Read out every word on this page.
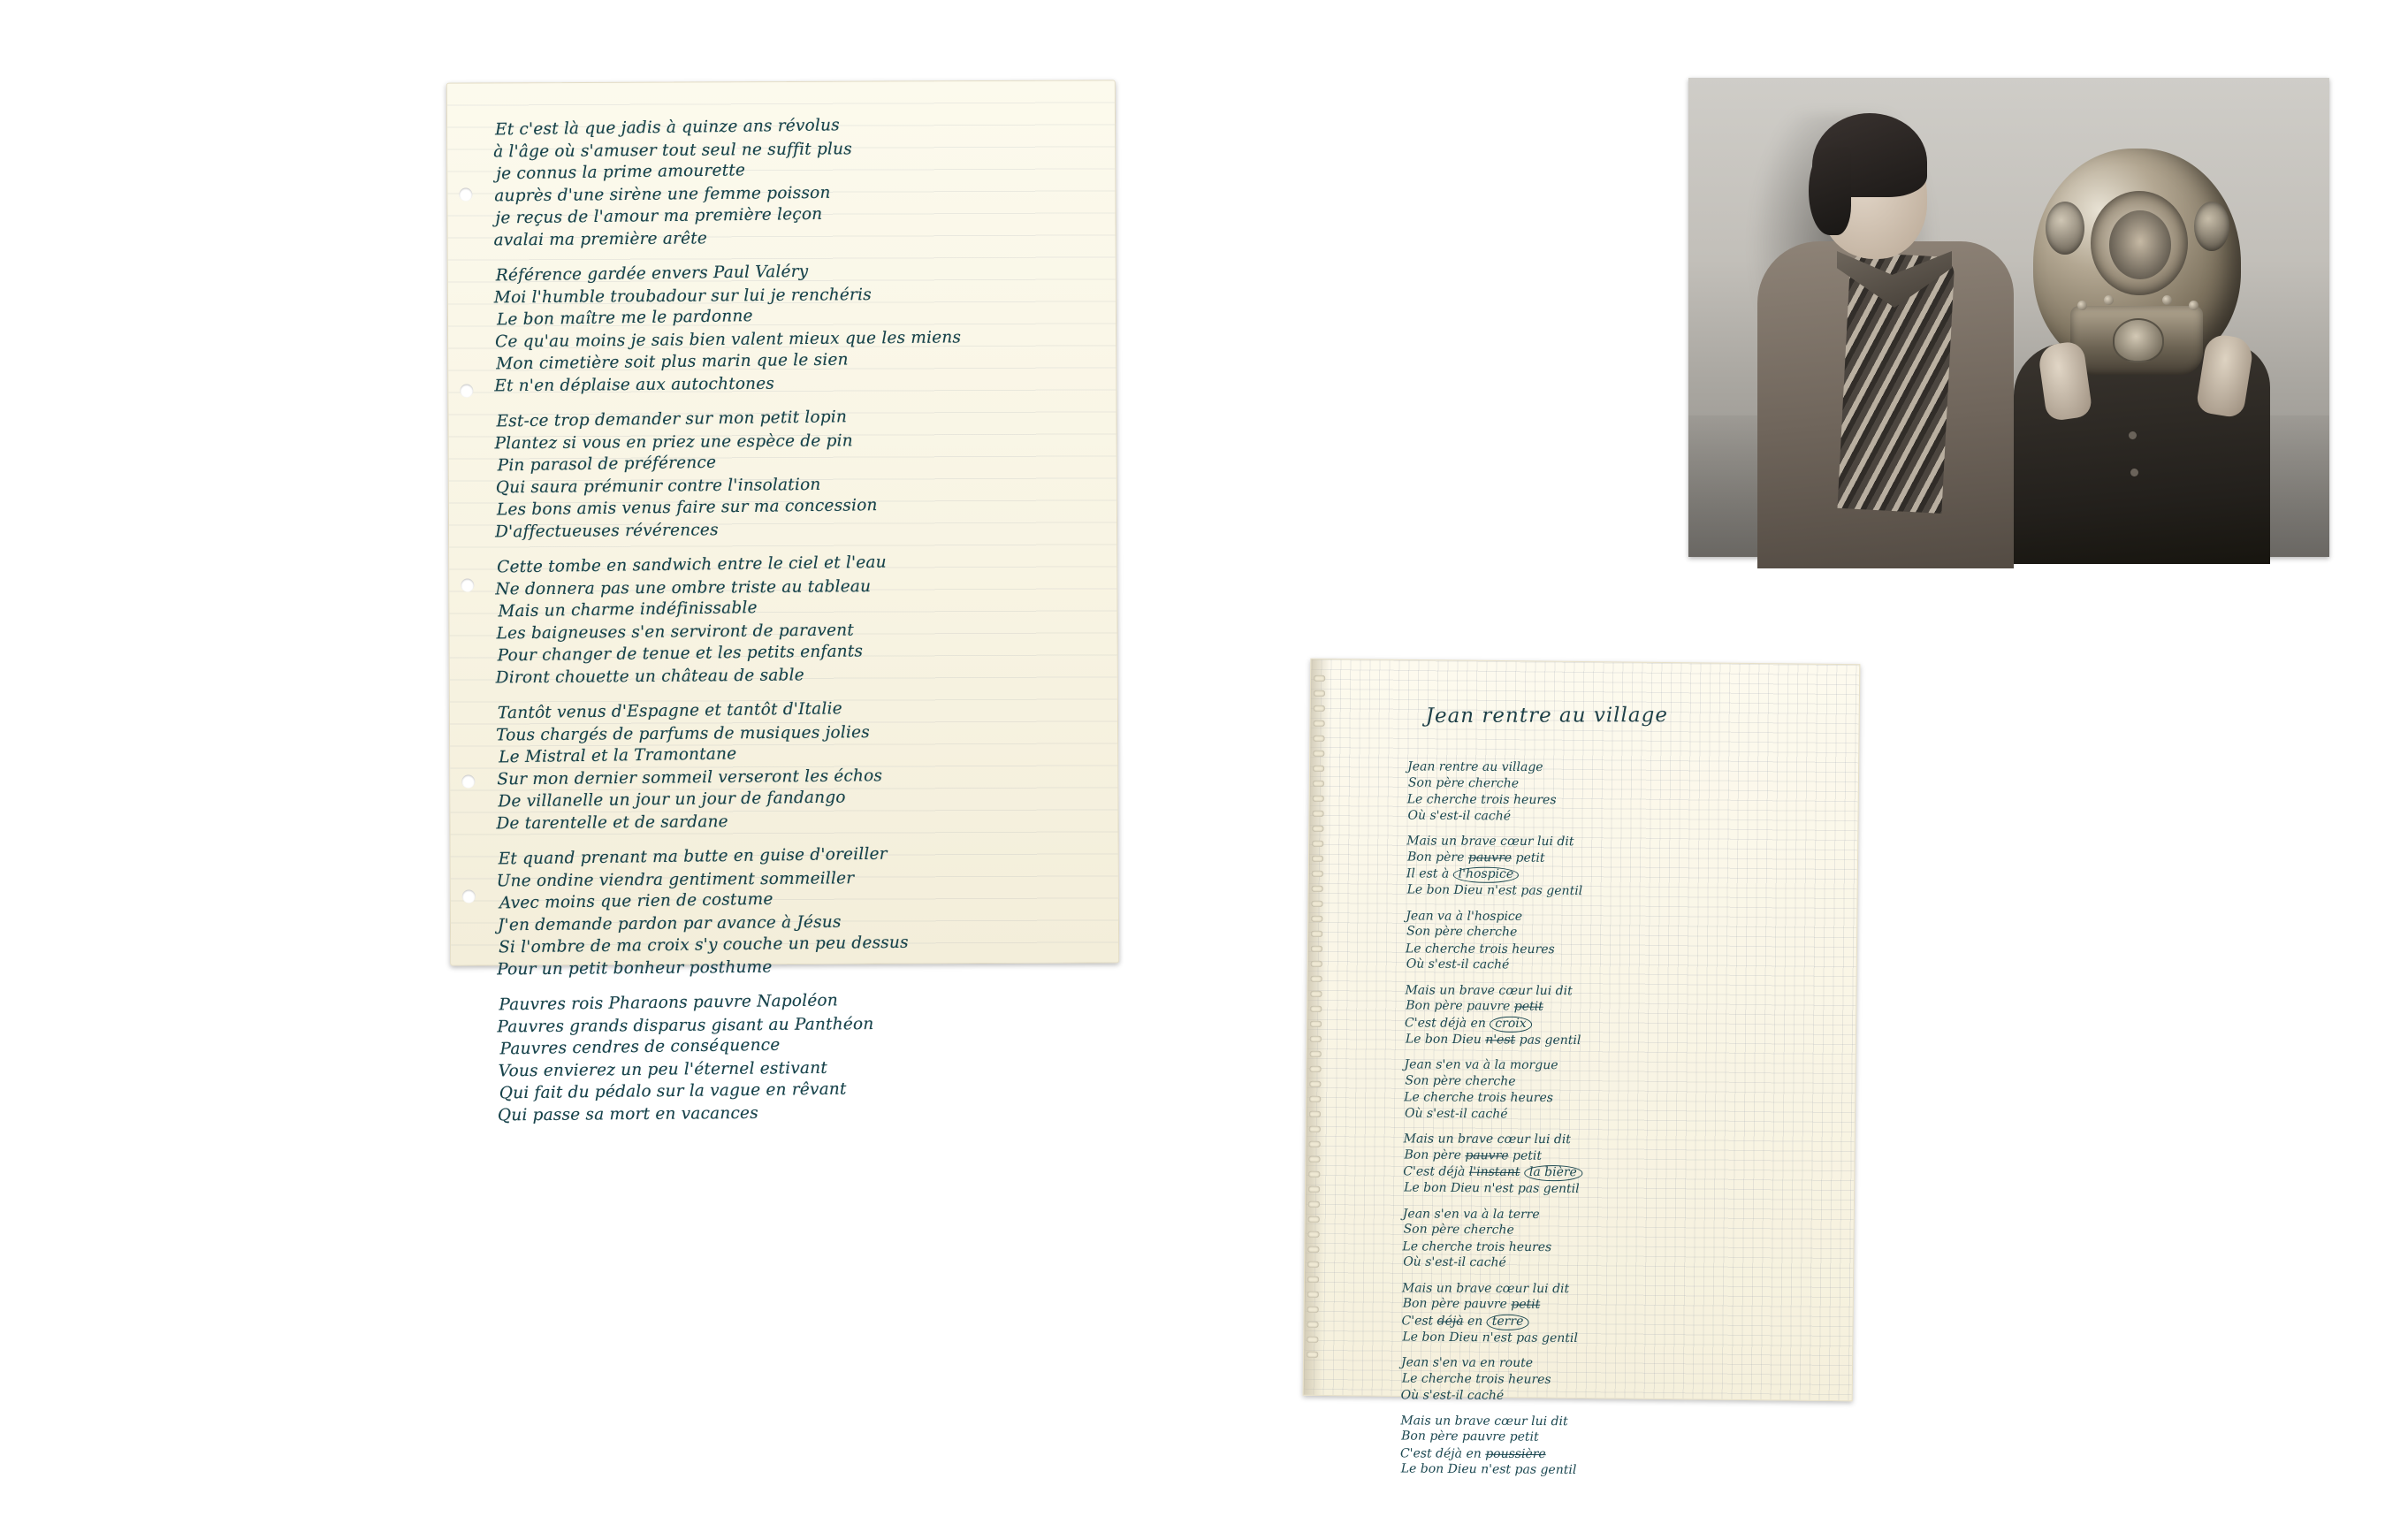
Et c'est là que jadis à quinze ans révolus
à l'âge où s'amuser tout seul ne suffit plus
je connus la prime amourette
auprès d'une sirène une femme poisson
je reçus de l'amour ma première leçon
avalai ma première arête
Référence gardée envers Paul Valéry
Moi l'humble troubadour sur lui je renchéris
Le bon maître me le pardonne
Ce qu'au moins je sais bien valent mieux que les miens
Mon cimetière soit plus marin que le sien
Et n'en déplaise aux autochtones
Est-ce trop demander sur mon petit lopin
Plantez si vous en priez une espèce de pin
Pin parasol de préférence
Qui saura prémunir contre l'insolation
Les bons amis venus faire sur ma concession
D'affectueuses révérences
Cette tombe en sandwich entre le ciel et l'eau
Ne donnera pas une ombre triste au tableau
Mais un charme indéfinissable
Les baigneuses s'en serviront de paravent
Pour changer de tenue et les petits enfants
Diront chouette un château de sable
Tantôt venus d'Espagne et tantôt d'Italie
Tous chargés de parfums de musiques jolies
Le Mistral et la Tramontane
Sur mon dernier sommeil verseront les échos
De villanelle un jour un jour de fandango
De tarentelle et de sardane
Et quand prenant ma butte en guise d'oreiller
Une ondine viendra gentiment sommeiller
Avec moins que rien de costume
J'en demande pardon par avance à Jésus
Si l'ombre de ma croix s'y couche un peu dessus
Pour un petit bonheur posthume
Pauvres rois Pharaons pauvre Napoléon
Pauvres grands disparus gisant au Panthéon
Pauvres cendres de conséquence
Vous envierez un peu l'éternel estivant
Qui fait du pédalo sur la vague en rêvant
Qui passe sa mort en vacances
Jean rentre au village
Jean rentre au village
Son père cherche
Le cherche trois heures
Où s'est-il caché
Mais un brave cœur lui dit
Bon père pauvre petit
Il est à l'hospice
Le bon Dieu n'est pas gentil
Jean va à l'hospice
Son père cherche
Le cherche trois heures
Où s'est-il caché
Mais un brave cœur lui dit
Bon père pauvre petit
C'est déjà en croix
Le bon Dieu n'est pas gentil
Jean s'en va à la morgue
Son père cherche
Le cherche trois heures
Où s'est-il caché
Mais un brave cœur lui dit
Bon père pauvre petit
C'est déjà l'instant la bière
Le bon Dieu n'est pas gentil
Jean s'en va à la terre
Son père cherche
Le cherche trois heures
Où s'est-il caché
Mais un brave cœur lui dit
Bon père pauvre petit
C'est déjà en terre
Le bon Dieu n'est pas gentil
Jean s'en va en route
Le cherche trois heures
Où s'est-il caché
Mais un brave cœur lui dit
Bon père pauvre petit
C'est déjà en poussière
Le bon Dieu n'est pas gentil
